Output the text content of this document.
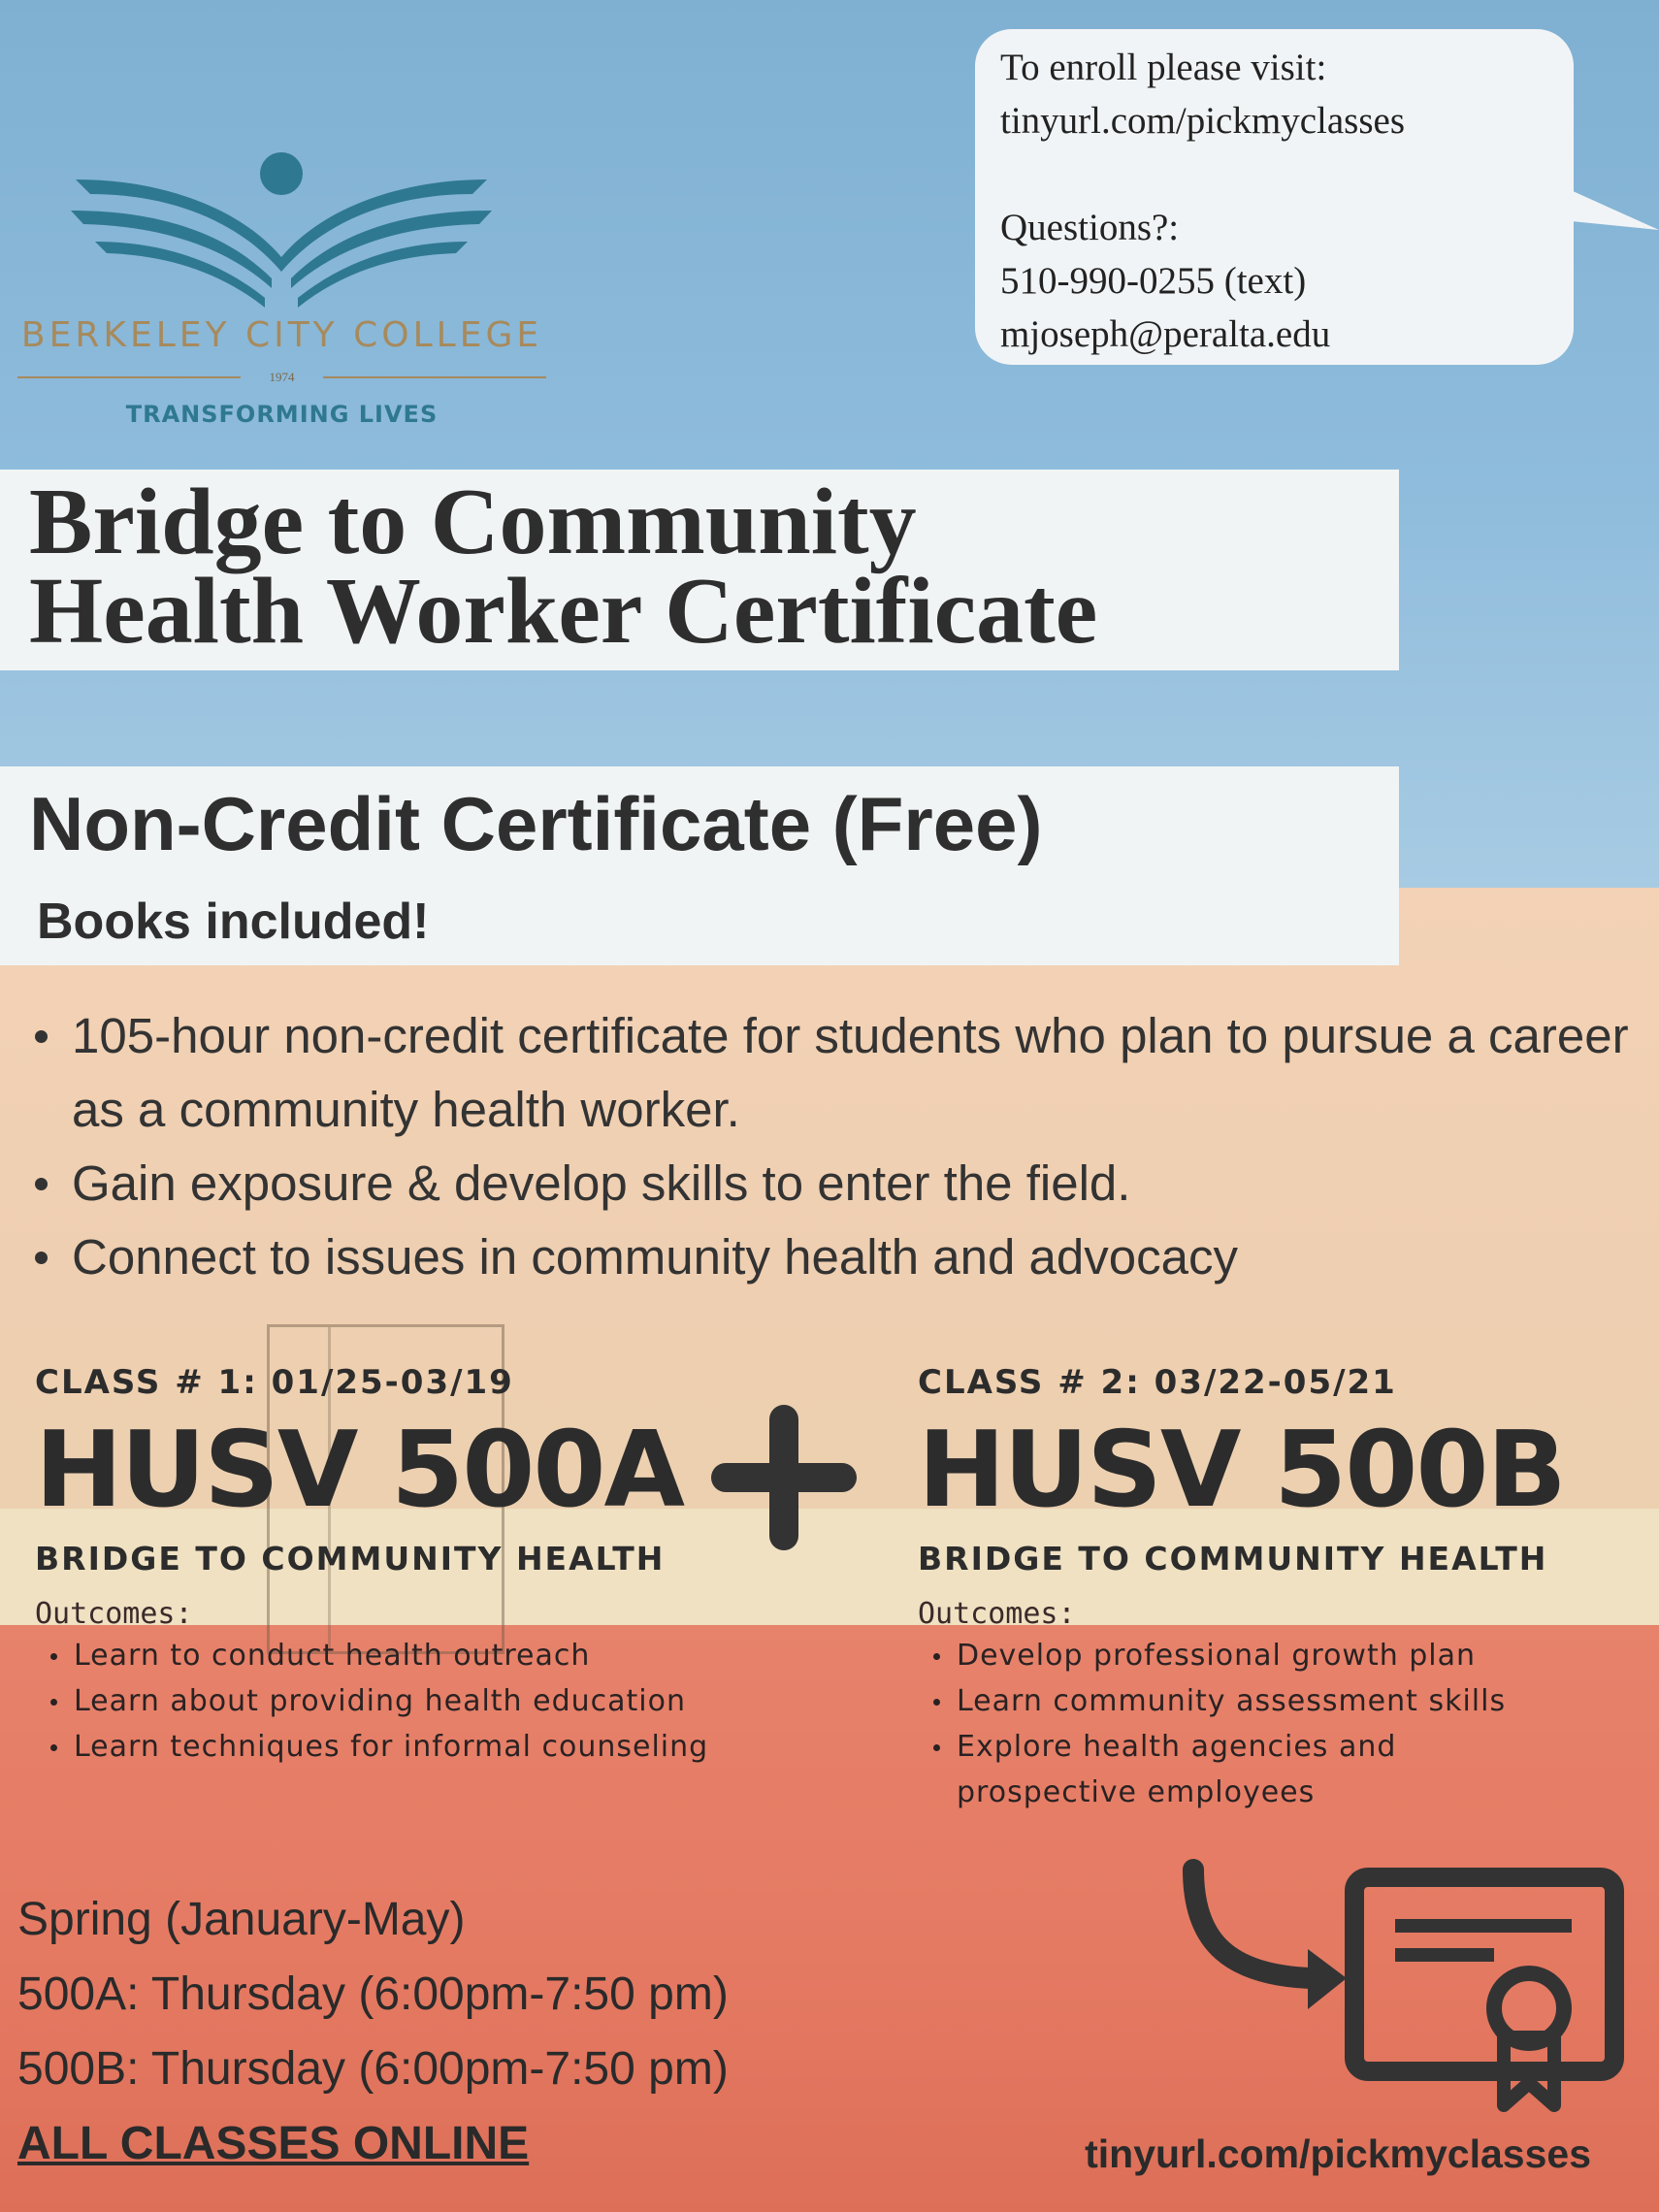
BERKELEY CITY COLLEGE
1974
TRANSFORMING LIVES
To enroll please visit:
tinyurl.com/pickmyclasses
Questions?:
510-990-0255 (text)
mjoseph@peralta.edu
Bridge to Community
Health Worker Certificate
Non-Credit Certificate (Free)
Books included!
105-hour non-credit certificate for students who plan to pursue a career as a community health worker.
Gain exposure & develop skills to enter the field.
Connect to issues in community health and advocacy
CLASS # 1: 01/25-03/19
HUSV 500A
BRIDGE TO COMMUNITY HEALTH
Outcomes:
Learn to conduct health outreach
Learn about providing health education
Learn techniques for informal counseling
CLASS # 2: 03/22-05/21
HUSV 500B
BRIDGE TO COMMUNITY HEALTH
Outcomes:
Develop professional growth plan
Learn community assessment skills
Explore health agencies and prospective employees
Spring (January-May)
500A: Thursday (6:00pm-7:50 pm)
500B: Thursday (6:00pm-7:50 pm)
ALL CLASSES ONLINE	tinyurl.com/pickmyclasses
